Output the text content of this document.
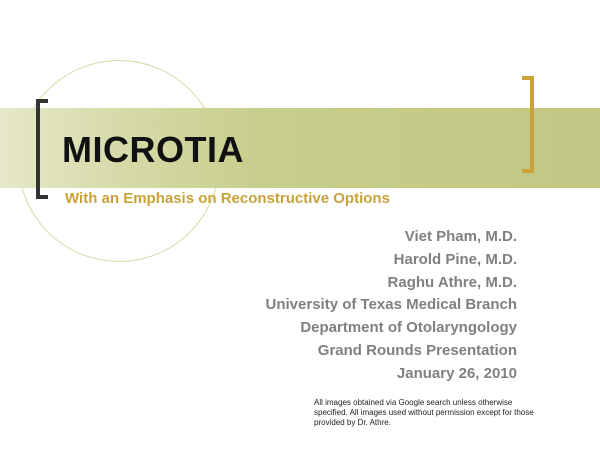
MICROTIA
With an Emphasis on Reconstructive Options
Viet Pham, M.D.
Harold Pine, M.D.
Raghu Athre, M.D.
University of Texas Medical Branch
Department of Otolaryngology
Grand Rounds Presentation
January 26, 2010
All images obtained via Google search unless otherwise specified. All images used without permission except for those provided by Dr. Athre.
